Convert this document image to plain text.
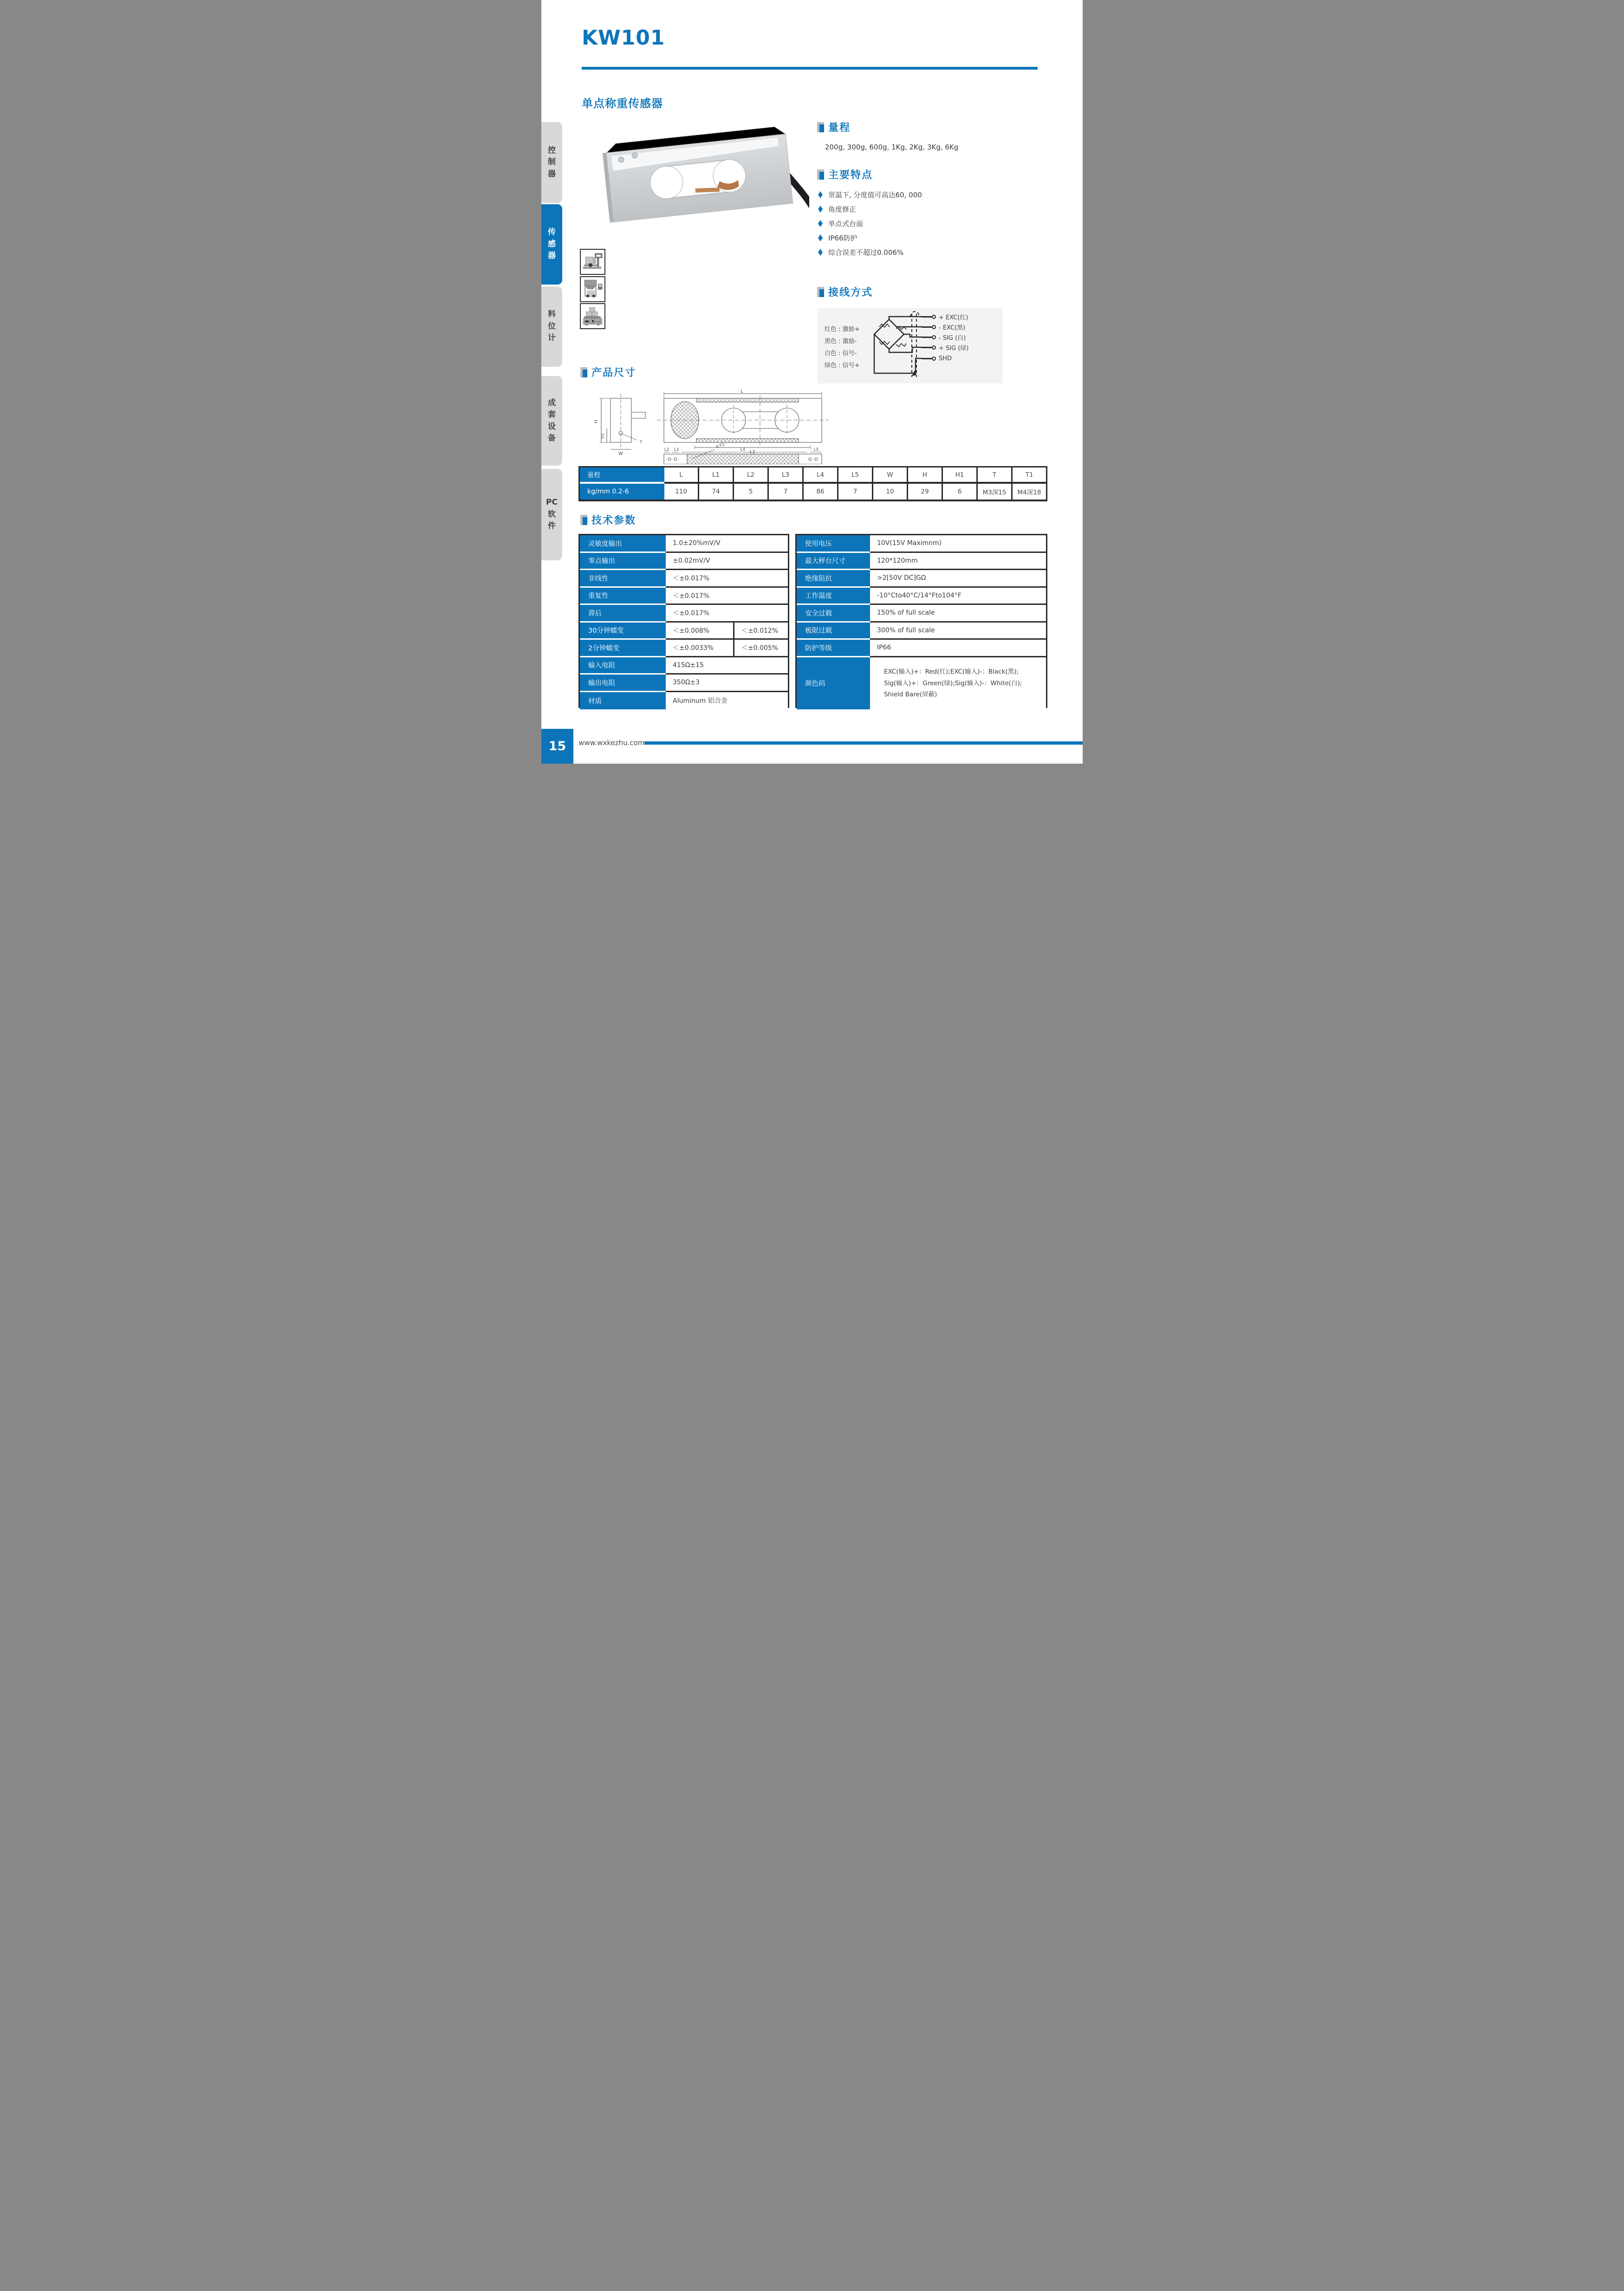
KW101
单点称重传感器
控制器
传感器
料位计
成套设备
PC软件
量程
200g, 300g, 600g, 1Kg, 2Kg, 3Kg, 6Kg
主要特点
常温下, 分度值可高达60, 000
角度修正
单点式台面
IP66防护
综合误差不超过0.006%
接线方式
红色 : 激励+
黑色 : 激励-
白色 : 信号-
绿色 : 信号+
+ EXC(红)
- EXC(黑)
- SIG (白)
+ SIG (绿)
SHD
产品尺寸
L
L1
L2 L3	L4	L5
W
H
H1
T	4-T1
量程	L	L1	L2	L3	L4	L5	W	H	H1	T	T1
kg/mm 0.2-6	110	74	5	7	86	7	10	29	6	M3深15	M4深18
技术参数
灵敏度输出	1.0±20%mV/V
零点输出	±0.02mV/V
非线性	＜±0.017%
重复性	＜±0.017%
滞后	＜±0.017%
30分钟蠕变	＜±0.008%	＜±0.012%
2分钟蠕变	＜±0.0033%	＜±0.005%
输入电阻	415Ω±15
输出电阻	350Ω±3
材质	Aluminum 铝合金
使用电压	10V(15V Maximnm)
最大秤台尺寸	120*120mm
绝缘阻抗	>2[50V DC]GΩ
工作温度	-10°Cto40°C/14°Fto104°F
安全过载	150% of full scale
极限过载	300% of full scale
防护等级	IP66
颜色码
EXC(输入)+：Red(红);EXC(输入)-：Black(黑);
Sig(输入)+：Green(绿);Sig(输入)-：White(白);
Shield Bare(屏蔽)
15 www.wxkezhu.com
